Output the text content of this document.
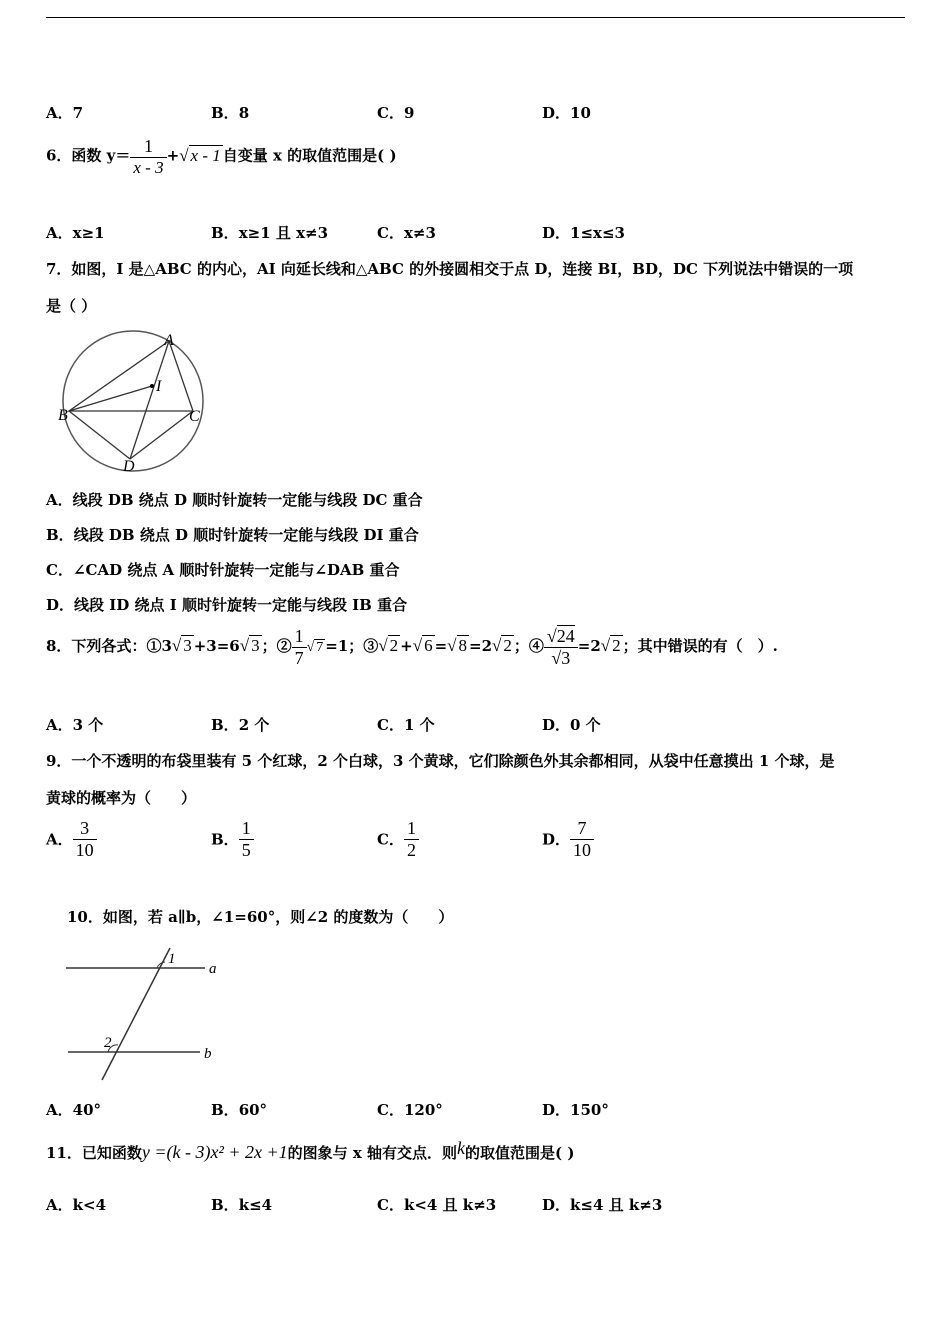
A．7	B．8	C．9	D．10
6．函数 $y= \frac{1}{x - 3}$ +√ x - 1 自变量 x 的取值范围是( )
A．x≥1	B．x≥1 且 x≠3	C．x≠3	D．1≤x≤3
7．如图，I 是△ABC 的内心，AI 向延长线和△ABC 的外接圆相交于点 D，连接 BI，BD，DC 下列说法中错误的一项
是（ ）
A
B	C
D
I
A．线段 DB 绕点 D 顺时针旋转一定能与线段 DC 重合
B．线段 DB 绕点 D 顺时针旋转一定能与线段 DI 重合
C．∠CAD 绕点 A 顺时针旋转一定能与∠DAB 重合
D．线段 ID 绕点 I 顺时针旋转一定能与线段 IB 重合
8．下列各式：①3√ 3 +3=6√ 3 ；② $\frac{1}{7}$ √ 7 =1；③√ 2 +√ 6 =√ 8 =2√ 2 ；④ $\frac{√24}{√3} =2√$ 2 ；其中错误的有（　）.
A．3 个	B．2 个	C．1 个	D．0 个
9．一个不透明的布袋里装有 5 个红球，2 个白球，3 个黄球，它们除颜色外其余都相同，从袋中任意摸出 1 个球，是
黄球的概率为（　　）
A． $\frac{3}{10}$	B． $\frac{1}{5}$	C． $\frac{1}{2}$	D． $\frac{7}{10}$
10．如图，若 a∥b，∠1=60°，则∠2 的度数为（　　）
1
2
a
b
A．40°	B．60°	C．120°	D．150°
11．已知函数y =(k - 3)x² + 2x +1的图象与 x 轴有交点．则k的取值范围是( )
A．k<4	B．k≤4	C．k<4 且 k≠3	D．k≤4 且 k≠3
